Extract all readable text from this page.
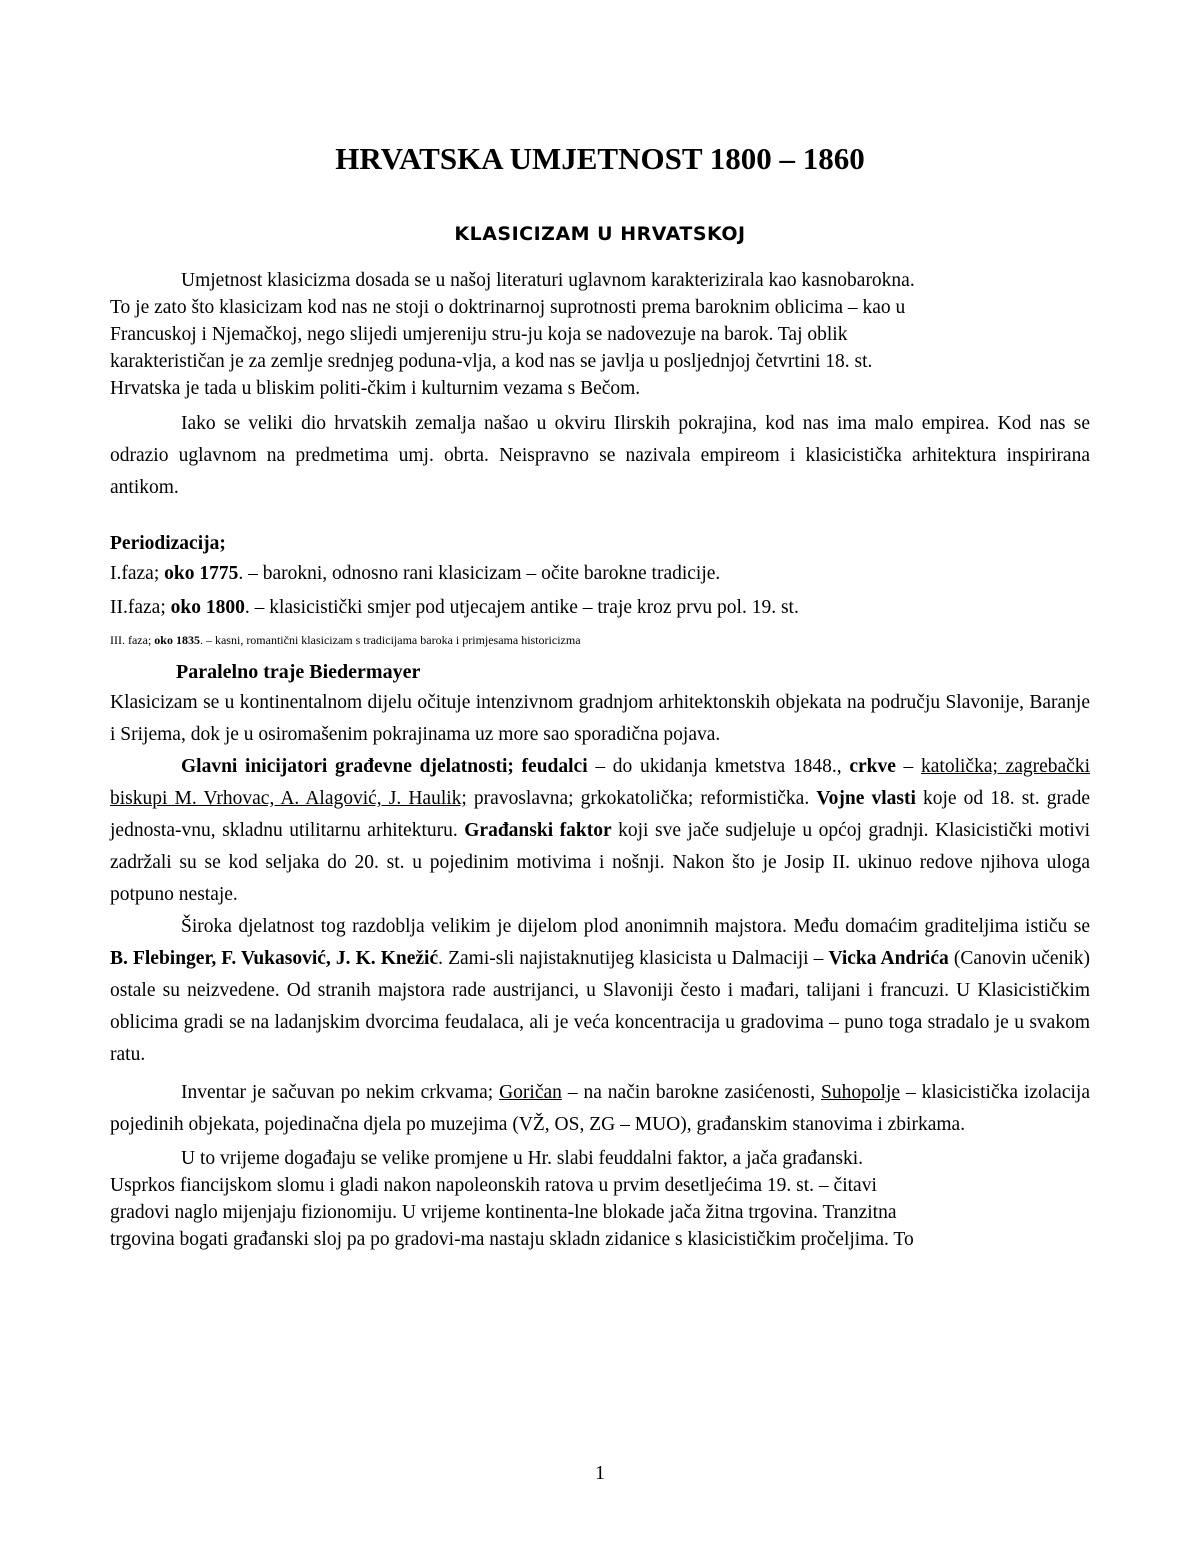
HRVATSKA UMJETNOST 1800 – 1860
KLASICIZAM U HRVATSKOJ

Umjetnost klasicizma dosada se u našoj literaturi uglavnom karakterizirala kao kasnobarokna.

To je zato što klasicizam kod nas ne stoji o doktrinarnoj suprotnosti prema baroknim oblicima – kao u

Francuskoj i Njemačkoj, nego slijedi umjereniju stru-ju koja se nadovezuje na barok. Taj oblik

karakterističan je za zemlje srednjeg poduna-vlja, a kod nas se javlja u posljednjoj četvrtini 18. st.

Hrvatska je tada u bliskim politi-čkim i kulturnim vezama s Bečom.

Iako se veliki dio hrvatskih zemalja našao u okviru Ilirskih pokrajina, kod nas ima malo empirea. Kod nas se odrazio uglavnom na predmetima umj. obrta. Neispravno se nazivala empireom i klasicistička arhitektura inspirirana antikom.

Periodizacija;

I.faza; oko 1775. – barokni, odnosno rani klasicizam – očite barokne tradicije.

II.faza; oko 1800. – klasicistički smjer pod utjecajem antike – traje kroz prvu pol. 19. st.

III. faza; oko 1835. – kasni, romantični klasicizam s tradicijama baroka i primjesama historicizma

Paralelno traje Biedermayer

Klasicizam se u kontinentalnom dijelu očituje intenzivnom gradnjom arhitektonskih objekata na području Slavonije, Baranje i Srijema, dok je u osiromašenim pokrajinama uz more sao sporadična pojava.

Glavni inicijatori građevne djelatnosti; feudalci – do ukidanja kmetstva 1848., crkve – katolička; zagrebački biskupi M. Vrhovac, A. Alagović, J. Haulik; pravoslavna; grkokatolička; reformistička. Vojne vlasti koje od 18. st. grade jednosta-vnu, skladnu utilitarnu arhitekturu. Građanski faktor koji sve jače sudjeluje u općoj gradnji. Klasicistički motivi zadržali su se kod seljaka do 20. st. u pojedinim motivima i nošnji. Nakon što je Josip II. ukinuo redove njihova uloga potpuno nestaje.

Široka djelatnost tog razdoblja velikim je dijelom plod anonimnih majstora. Među domaćim graditeljima ističu se B. Flebinger, F. Vukasović, J. K. Knežić. Zami-sli najistaknutijeg klasicista u Dalmaciji – Vicka Andrića (Canovin učenik) ostale su neizvedene. Od stranih majstora rade austrijanci, u Slavoniji često i mađari, talijani i francuzi. U Klasicističkim oblicima gradi se na ladanjskim dvorcima feudalaca, ali je veća koncentracija u gradovima – puno toga stradalo je u svakom ratu.

Inventar je sačuvan po nekim crkvama; Goričan – na način barokne zasićenosti, Suhopolje – klasicistička izolacija pojedinih objekata, pojedinačna djela po muzejima (VŽ, OS, ZG – MUO), građanskim stanovima i zbirkama.

U to vrijeme događaju se velike promjene u Hr. slabi feuddalni faktor, a jača građanski.

Usprkos fiancijskom slomu i gladi nakon napoleonskih ratova u prvim desetljećima 19. st. – čitavi

gradovi naglo mijenjaju fizionomiju. U vrijeme kontinenta-lne blokade jača žitna trgovina. Tranzitna

trgovina bogati građanski sloj pa po gradovi-ma nastaju skladn zidanice s klasicističkim pročeljima. To

1
